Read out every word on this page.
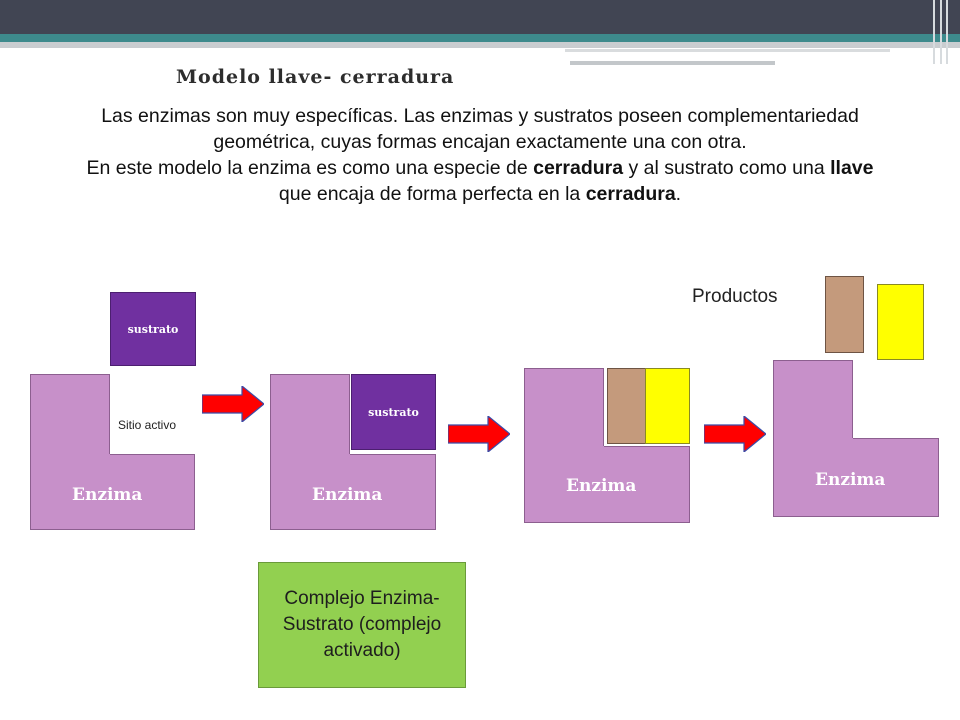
Modelo llave- cerradura

Las enzimas son muy específicas. Las enzimas y sustratos poseen complementariedad geométrica, cuyas formas encajan exactamente una con otra.

En este modelo la enzima es como una especie de cerradura y al sustrato como una llave que encaja de forma perfecta en la cerradura.

Enzima
sustrato
Sitio activo
Enzima
sustrato
Enzima	Enzima
Productos
Complejo Enzima- Sustrato (complejo activado)
